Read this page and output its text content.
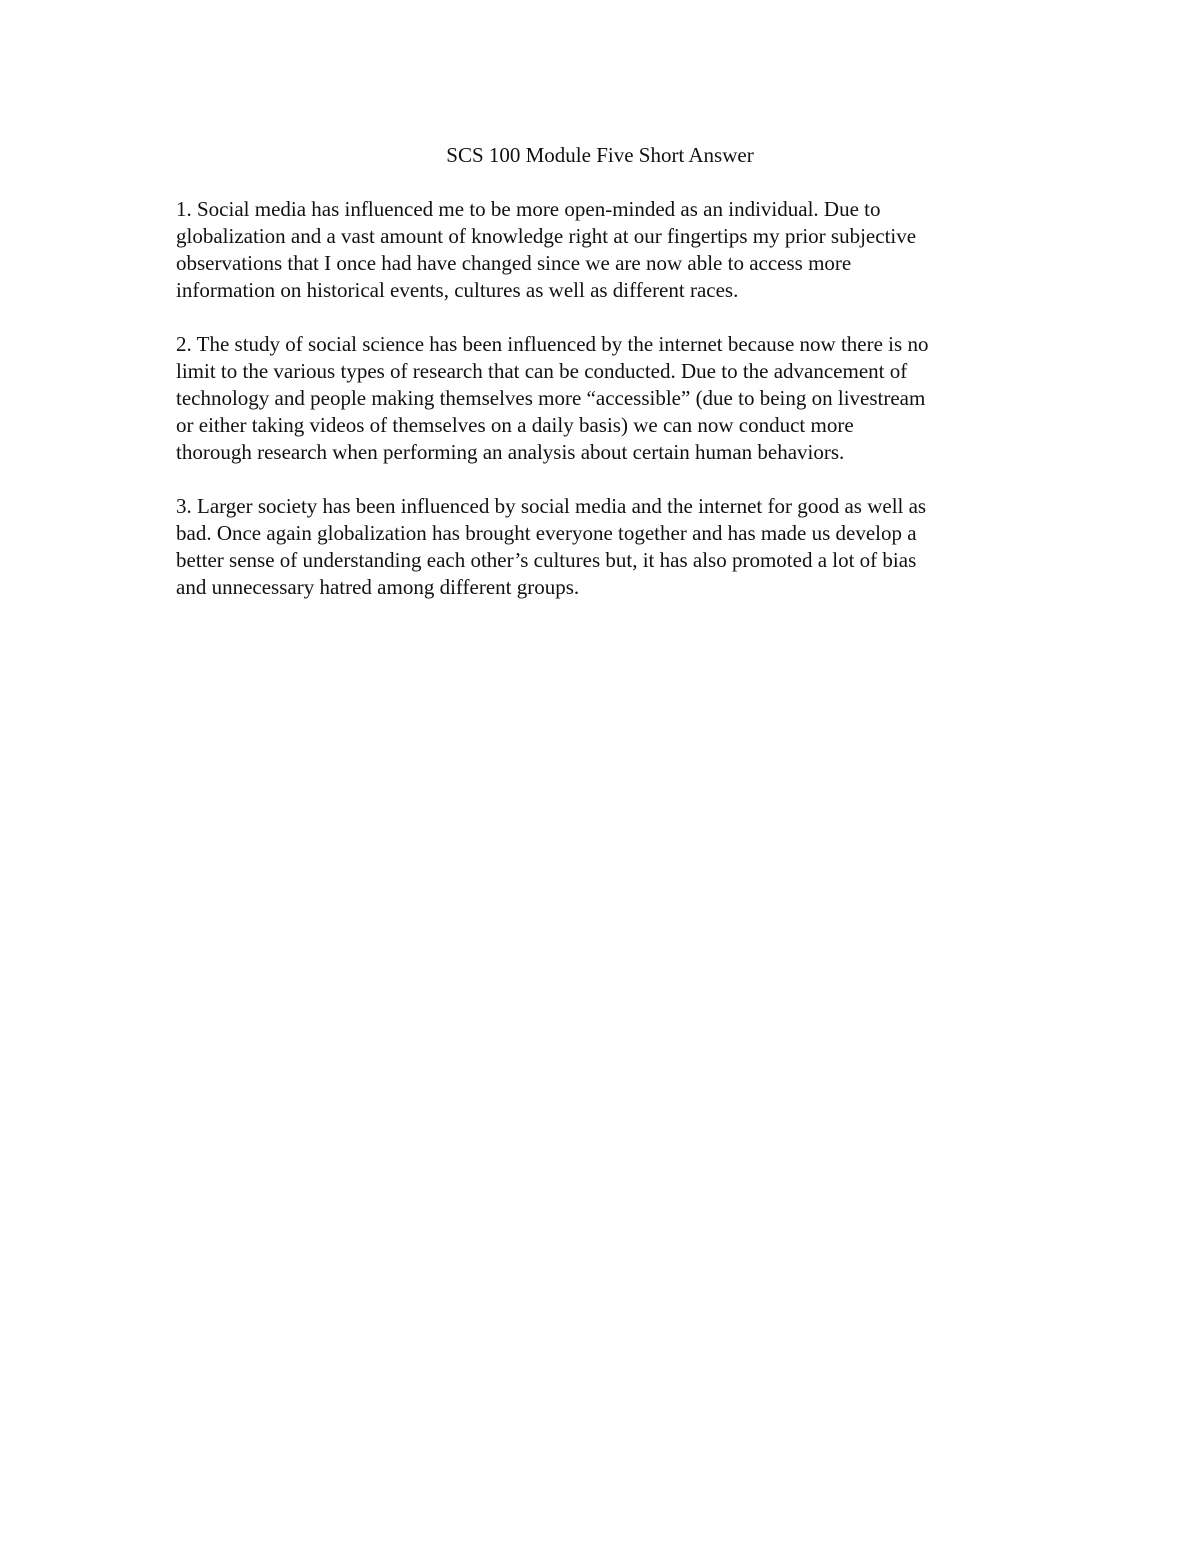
SCS 100 Module Five Short Answer
1. Social media has influenced me to be more open-minded as an individual. Due to
globalization and a vast amount of knowledge right at our fingertips my prior subjective
observations that I once had have changed since we are now able to access more
information on historical events, cultures as well as different races.
2. The study of social science has been influenced by the internet because now there is no
limit to the various types of research that can be conducted. Due to the advancement of
technology and people making themselves more “accessible” (due to being on livestream
or either taking videos of themselves on a daily basis) we can now conduct more
thorough research when performing an analysis about certain human behaviors.
3. Larger society has been influenced by social media and the internet for good as well as
bad. Once again globalization has brought everyone together and has made us develop a
better sense of understanding each other’s cultures but, it has also promoted a lot of bias
and unnecessary hatred among different groups.
